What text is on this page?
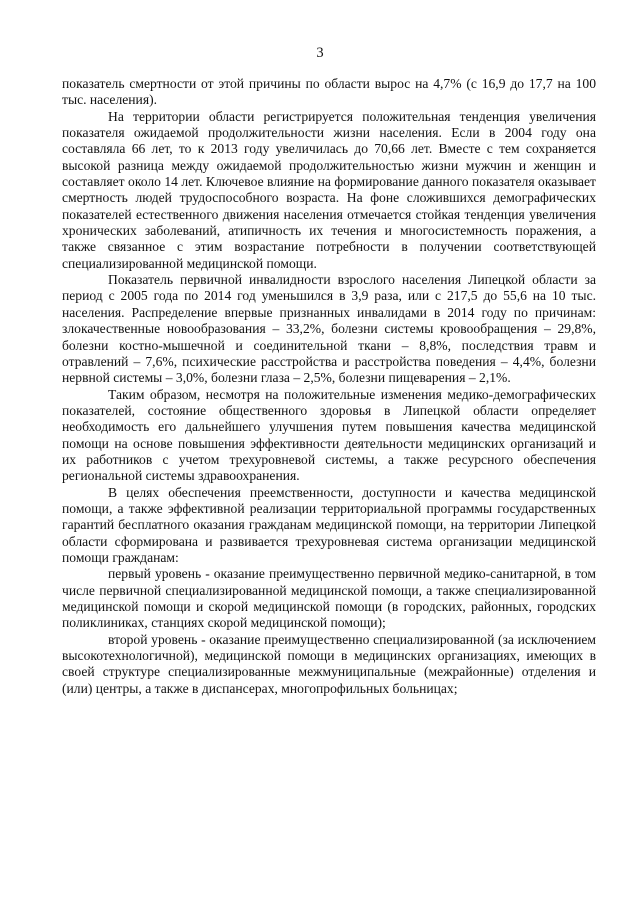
3

показатель смертности от этой причины по области вырос на 4,7% (с 16,9 до 17,7 на 100 тыс. населения).

На территории области регистрируется положительная тенденция увеличения показателя ожидаемой продолжительности жизни населения. Если в 2004 году она составляла 66 лет, то к 2013 году увеличилась до 70,66 лет. Вместе с тем сохраняется высокой разница между ожидаемой продолжительностью жизни мужчин и женщин и составляет около 14 лет. Ключевое влияние на формирование данного показателя оказывает смертность людей трудоспособного возраста. На фоне сложившихся демографических показателей естественного движения населения отмечается стойкая тенденция увеличения хронических заболеваний, атипичность их течения и многосистемность поражения, а также связанное с этим возрастание потребности в получении соответствующей специализированной медицинской помощи.

Показатель первичной инвалидности взрослого населения Липецкой области за период с 2005 года по 2014 год уменьшился в 3,9 раза, или с 217,5 до 55,6 на 10 тыс. населения. Распределение впервые признанных инвалидами в 2014 году по причинам: злокачественные новообразования – 33,2%, болезни системы кровообращения – 29,8%, болезни костно-мышечной и соединительной ткани – 8,8%, последствия травм и отравлений – 7,6%, психические расстройства и расстройства поведения – 4,4%, болезни нервной системы – 3,0%, болезни глаза – 2,5%, болезни пищеварения – 2,1%.

Таким образом, несмотря на положительные изменения медико-демографических показателей, состояние общественного здоровья в Липецкой области определяет необходимость его дальнейшего улучшения путем повышения качества медицинской помощи на основе повышения эффективности деятельности медицинских организаций и их работников с учетом трехуровневой системы, а также ресурсного обеспечения региональной системы здравоохранения.

В целях обеспечения преемственности, доступности и качества медицинской помощи, а также эффективной реализации территориальной программы государственных гарантий бесплатного оказания гражданам медицинской помощи, на территории Липецкой области сформирована и развивается трехуровневая система организации медицинской помощи гражданам:

первый уровень - оказание преимущественно первичной медико-санитарной, в том числе первичной специализированной медицинской помощи, а также специализированной медицинской помощи и скорой медицинской помощи (в городских, районных, городских поликлиниках, станциях скорой медицинской помощи);

второй уровень - оказание преимущественно специализированной (за исключением высокотехнологичной), медицинской помощи в медицинских организациях, имеющих в своей структуре специализированные межмуниципальные (межрайонные) отделения и (или) центры, а также в диспансерах, многопрофильных больницах;
